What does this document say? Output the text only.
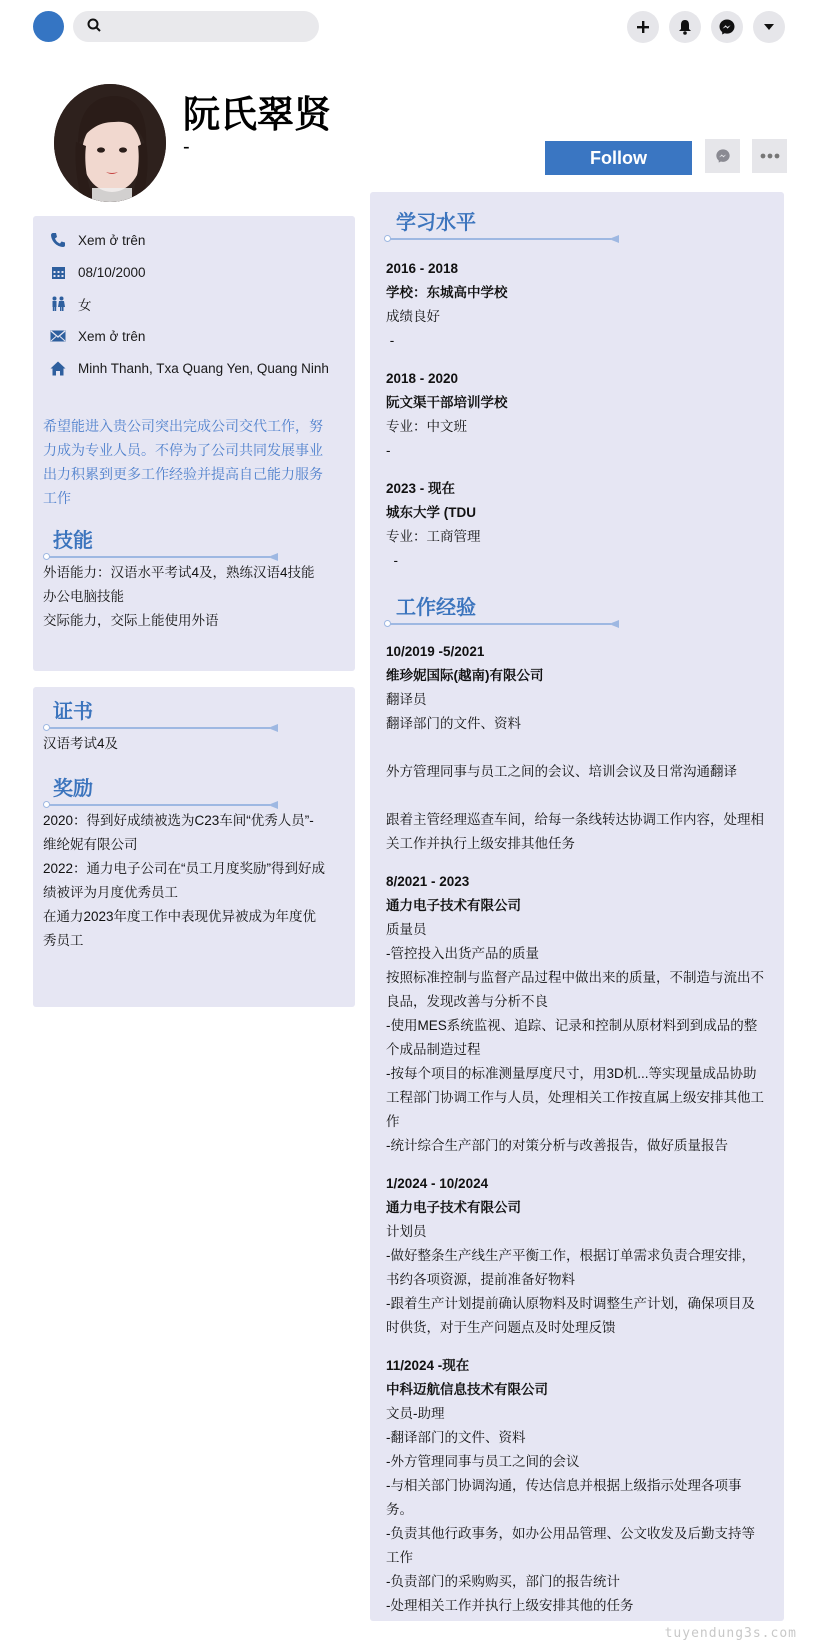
阮氏翠贤
-	Follow
Xem ở trên
08/10/2000
女
Xem ở trên
Minh Thanh, Txa Quang Yen, Quang Ninh
希望能进入贵公司突出完成公司交代工作，努力成为专业人员。不停为了公司共同发展事业出力积累到更多工作经验并提高自己能力服务工作
技能
外语能力：汉语水平考试4及，熟练汉语4技能
办公电脑技能
交际能力，交际上能使用外语
证书
汉语考试4及
奖励
2020：得到好成绩被选为C23车间“优秀人员”-维纶妮有限公司
2022：通力电子公司在“员工月度奖励”得到好成绩被评为月度优秀员工
在通力2023年度工作中表现优异被成为年度优秀员工
学习水平
2016 - 2018
学校：东城高中学校
成绩良好
-
2018 - 2020
阮文渠干部培训学校
专业：中文班
-
2023 - 现在
城东大学 (TDU
专业：工商管理
-
工作经验
10/2019 -5/2021
维珍妮国际(越南)有限公司
翻译员
翻译部门的文件、资料
外方管理同事与员工之间的会议、培训会议及日常沟通翻译
跟着主管经理巡查车间，给每一条线转达协调工作内容，处理相关工作并执行上级安排其他任务
8/2021 - 2023
通力电子技术有限公司
质量员
-管控投入出货产品的质量
按照标准控制与监督产品过程中做出来的质量，不制造与流出不良品，发现改善与分析不良
-使用MES系统监视、追踪、记录和控制从原材料到到成品的整个成品制造过程
-按每个项目的标准测量厚度尺寸，用3D机...等实现量成品协助工程部门协调工作与人员，处理相关工作按直属上级安排其他工作
-统计综合生产部门的对策分析与改善报告，做好质量报告
1/2024 - 10/2024
通力电子技术有限公司
计划员
-做好整条生产线生产平衡工作，根据订单需求负责合理安排，书约各项资源，提前准备好物料
-跟着生产计划提前确认原物料及时调整生产计划，确保项目及时供货，对于生产问题点及时处理反馈
11/2024 -现在
中科迈航信息技术有限公司
文员-助理
-翻译部门的文件、资料
-外方管理同事与员工之间的会议
-与相关部门协调沟通，传达信息并根据上级指示处理各项事务。
-负责其他行政事务，如办公用品管理、公文收发及后勤支持等工作
-负责部门的采购购买，部门的报告统计
-处理相关工作并执行上级安排其他的任务
tuyendung3s.com
